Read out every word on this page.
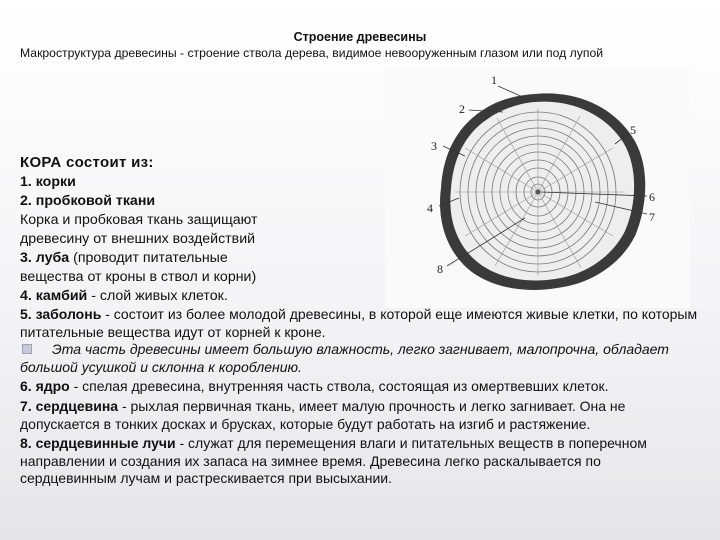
Строение древесины
Макроструктура древесины - строение ствола дерева, видимое невооруженным глазом или под лупой
1
2
3
4
5
6
7
8
КОРА состоит из:

1. корки

2. пробковой ткани

Корка и пробковая ткань защищают

древесину от внешних воздействий

3. луба (проводит питательные

вещества от кроны в ствол и корни)

4. камбий - слой живых клеток.

5. заболонь - состоит из более молодой древесины, в которой еще имеются живые клетки, по которым питательные вещества идут от корней к кроне.

Эта часть древесины имеет большую влажность, легко загнивает, малопрочна, обладает большой усушкой и склонна к короблению.

6. ядро - спелая древесина, внутренняя часть ствола, состоящая из омертвевших клеток.

7. сердцевина - рыхлая первичная ткань, имеет малую прочность и легко загнивает. Она не допускается в тонких досках и брусках, которые будут работать на изгиб и растяжение.

8. сердцевинные лучи - служат для перемещения влаги и питательных веществ в поперечном направлении и создания их запаса на зимнее время. Древесина легко раскалывается по сердцевинным лучам и растрескивается при высыхании.
